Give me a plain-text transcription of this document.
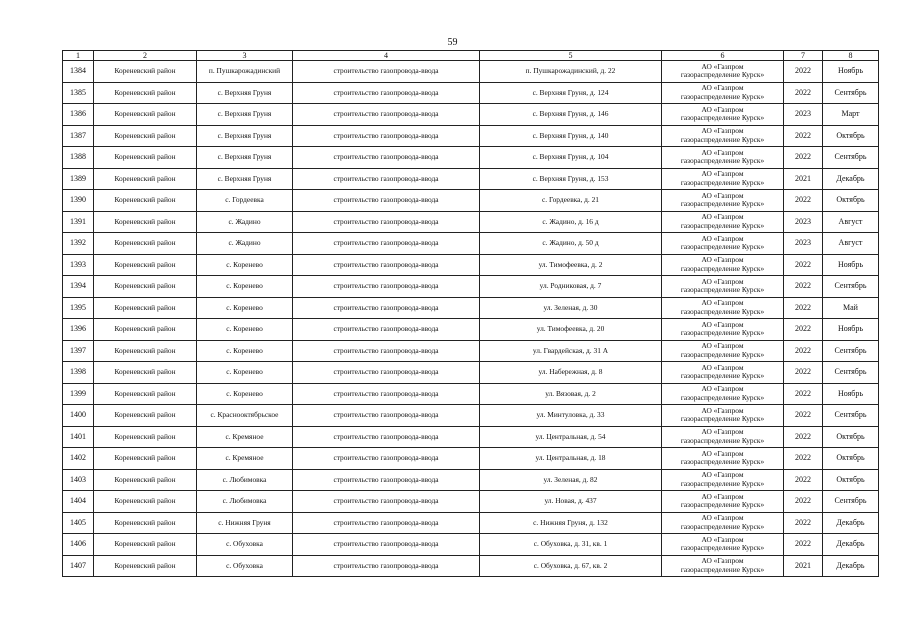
59
1	2	3	4	5	6	7	8
1384	Кореневский район	п. Пушкарожадинский	строительство газопровода-ввода	п. Пушкарожадинский, д. 22	АО «Газпром
газораспределение Курск»	2022	Ноябрь
1385	Кореневский район	с. Верхняя Груня	строительство газопровода-ввода	с. Верхняя Груня, д. 124	АО «Газпром
газораспределение Курск»	2022	Сентябрь
1386	Кореневский район	с. Верхняя Груня	строительство газопровода-ввода	с. Верхняя Груня, д. 146	АО «Газпром
газораспределение Курск»	2023	Март
1387	Кореневский район	с. Верхняя Груня	строительство газопровода-ввода	с. Верхняя Груня, д. 140	АО «Газпром
газораспределение Курск»	2022	Октябрь
1388	Кореневский район	с. Верхняя Груня	строительство газопровода-ввода	с. Верхняя Груня, д. 104	АО «Газпром
газораспределение Курск»	2022	Сентябрь
1389	Кореневский район	с. Верхняя Груня	строительство газопровода-ввода	с. Верхняя Груня, д. 153	АО «Газпром
газораспределение Курск»	2021	Декабрь
1390	Кореневский район	с. Гордеевка	строительство газопровода-ввода	с. Гордеевка, д. 21	АО «Газпром
газораспределение Курск»	2022	Октябрь
1391	Кореневский район	с. Жадино	строительство газопровода-ввода	с. Жадино, д. 16 д	АО «Газпром
газораспределение Курск»	2023	Август
1392	Кореневский район	с. Жадино	строительство газопровода-ввода	с. Жадино, д. 50 д	АО «Газпром
газораспределение Курск»	2023	Август
1393	Кореневский район	с. Коренево	строительство газопровода-ввода	ул. Тимофеевка, д. 2	АО «Газпром
газораспределение Курск»	2022	Ноябрь
1394	Кореневский район	с. Коренево	строительство газопровода-ввода	ул. Родниковая, д. 7	АО «Газпром
газораспределение Курск»	2022	Сентябрь
1395	Кореневский район	с. Коренево	строительство газопровода-ввода	ул. Зеленая, д. 30	АО «Газпром
газораспределение Курск»	2022	Май
1396	Кореневский район	с. Коренево	строительство газопровода-ввода	ул. Тимофеевка, д. 20	АО «Газпром
газораспределение Курск»	2022	Ноябрь
1397	Кореневский район	с. Коренево	строительство газопровода-ввода	ул. Гвардейская, д. 31 А	АО «Газпром
газораспределение Курск»	2022	Сентябрь
1398	Кореневский район	с. Коренево	строительство газопровода-ввода	ул. Набережная, д. 8	АО «Газпром
газораспределение Курск»	2022	Сентябрь
1399	Кореневский район	с. Коренево	строительство газопровода-ввода	ул. Вязовая, д. 2	АО «Газпром
газораспределение Курск»	2022	Ноябрь
1400	Кореневский район	с. Краснооктябрьское	строительство газопровода-ввода	ул. Минтуловка, д. 33	АО «Газпром
газораспределение Курск»	2022	Сентябрь
1401	Кореневский район	с. Кремяное	строительство газопровода-ввода	ул. Центральная, д. 54	АО «Газпром
газораспределение Курск»	2022	Октябрь
1402	Кореневский район	с. Кремяное	строительство газопровода-ввода	ул. Центральная, д. 18	АО «Газпром
газораспределение Курск»	2022	Октябрь
1403	Кореневский район	с. Любимовка	строительство газопровода-ввода	ул. Зеленая, д. 82	АО «Газпром
газораспределение Курск»	2022	Октябрь
1404	Кореневский район	с. Любимовка	строительство газопровода-ввода	ул. Новая, д. 437	АО «Газпром
газораспределение Курск»	2022	Сентябрь
1405	Кореневский район	с. Нижняя Груня	строительство газопровода-ввода	с. Нижняя Груня, д. 132	АО «Газпром
газораспределение Курск»	2022	Декабрь
1406	Кореневский район	с. Обуховка	строительство газопровода-ввода	с. Обуховка, д. 31, кв. 1	АО «Газпром
газораспределение Курск»	2022	Декабрь
1407	Кореневский район	с. Обуховка	строительство газопровода-ввода	с. Обуховка, д. 67, кв. 2	АО «Газпром
газораспределение Курск»	2021	Декабрь
